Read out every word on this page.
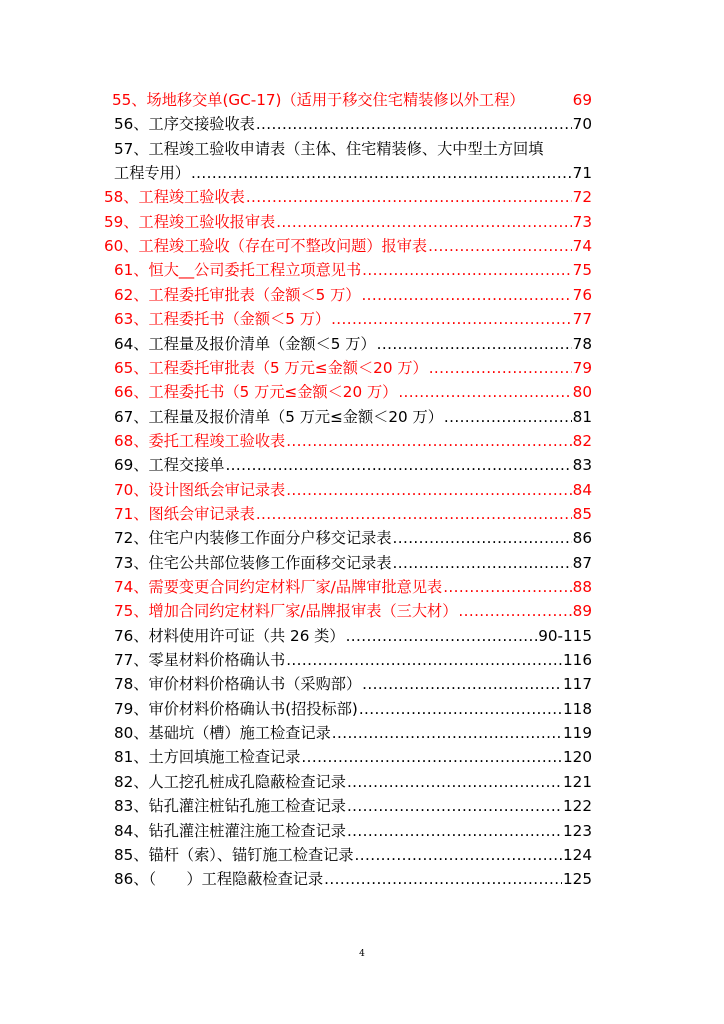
55、场地移交单(GC-17)（适用于移交住宅精装修以外工程）	69
56、工序交接验收表 .....	70
57、工程竣工验收申请表（主体、住宅精装修、大中型土方回填
工程专用） .....	71
58、工程竣工验收表 .....	72
59、工程竣工验收报审表 .....	73
60、工程竣工验收（存在可不整改问题）报审表 .....	74
61、恒大__公司委托工程立项意见书 .....	75
62、工程委托审批表（金额＜5 万） .....	76
63、工程委托书（金额＜5 万） .....	77
64、工程量及报价清单（金额＜5 万） .....	78
65、工程委托审批表（5 万元≤金额＜20 万） .....	79
66、工程委托书（5 万元≤金额＜20 万） .....	80
67、工程量及报价清单（5 万元≤金额＜20 万） .....	81
68、委托工程竣工验收表 .....	82
69、工程交接单 .....	83
70、设计图纸会审记录表 .....	84
71、图纸会审记录表 .....	85
72、住宅户内装修工作面分户移交记录表 .....	86
73、住宅公共部位装修工作面移交记录表 .....	87
74、需要变更合同约定材料厂家/品牌审批意见表 .....	88
75、增加合同约定材料厂家/品牌报审表（三大材） .....	89
76、材料使用许可证（共 26 类） .....	90-115
77、零星材料价格确认书 .....	116
78、审价材料价格确认书（采购部） .....	117
79、审价材料价格确认书(招投标部) .....	118
80、基础坑（槽）施工检查记录 .....	119
81、土方回填施工检查记录 .....	120
82、人工挖孔桩成孔隐蔽检查记录 .....	121
83、钻孔灌注桩钻孔施工检查记录 .....	122
84、钻孔灌注桩灌注施工检查记录 .....	123
85、锚杆（索）、锚钉施工检查记录 .....	124
86、（　　）工程隐蔽检查记录 .....	125
4
